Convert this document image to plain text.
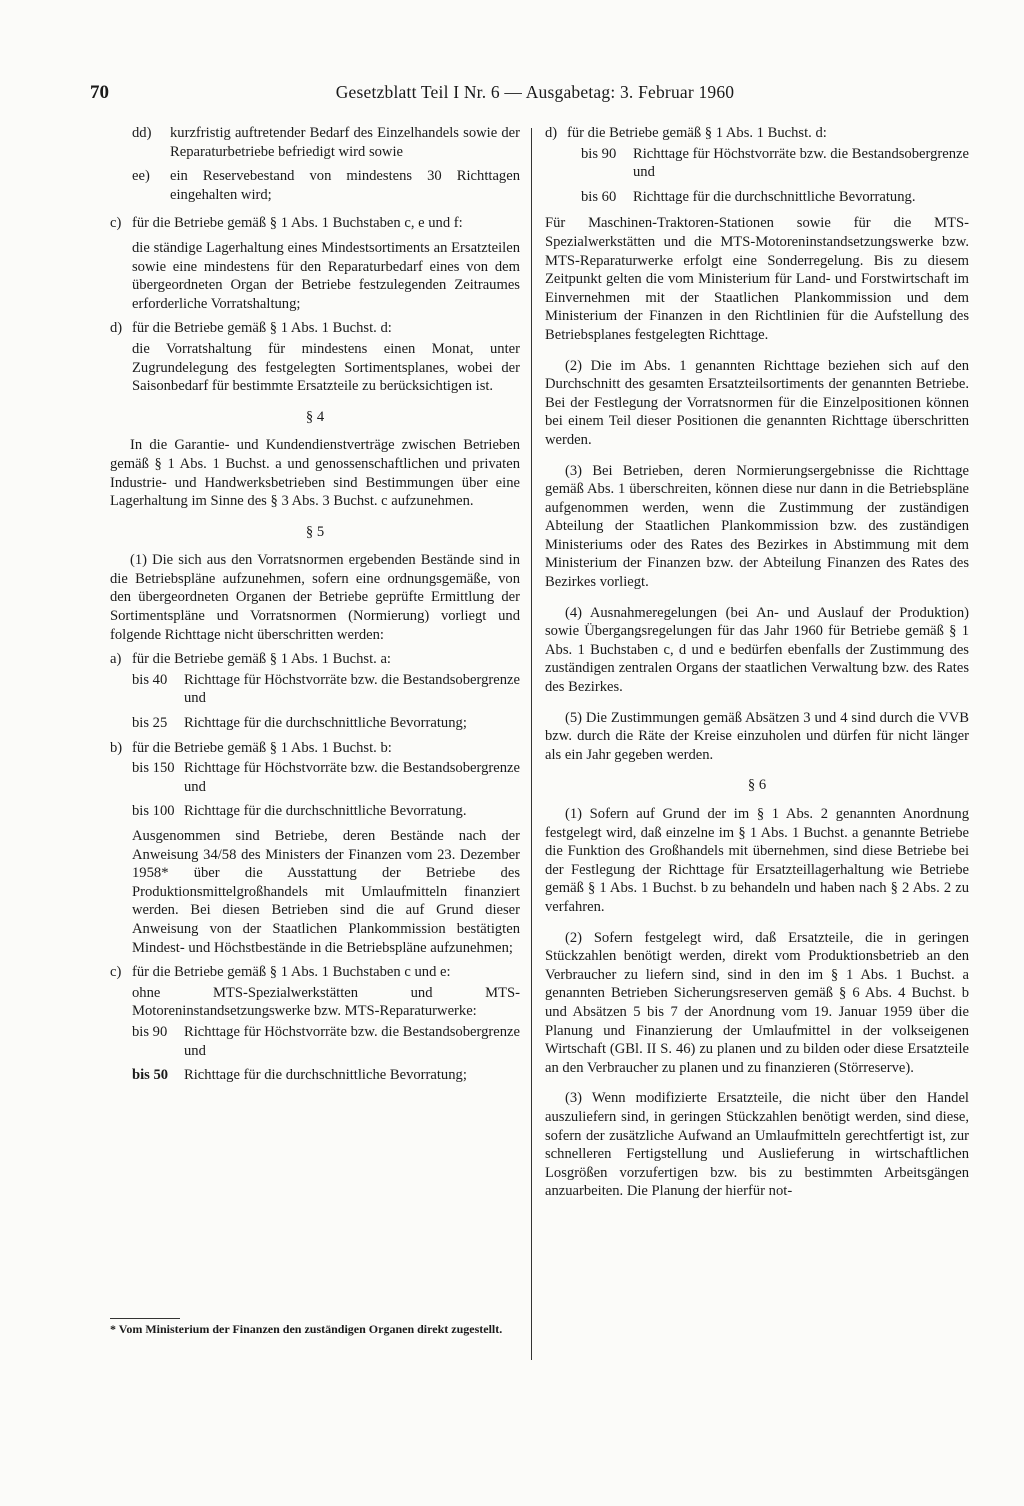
70	Gesetzblatt Teil I Nr. 6 — Ausgabetag: 3. Februar 1960
dd) kurzfristig auftretender Bedarf des Einzelhandels sowie der Reparaturbetriebe befriedigt wird sowie

ee) ein Reservebestand von mindestens 30 Richttagen eingehalten wird;

c) für die Betriebe gemäß § 1 Abs. 1 Buchstaben c, e und f:

die ständige Lagerhaltung eines Mindestsortiments an Ersatzteilen sowie eine mindestens für den Reparaturbedarf eines von dem übergeordneten Organ der Betriebe festzulegenden Zeitraumes erforderliche Vorratshaltung;

d) für die Betriebe gemäß § 1 Abs. 1 Buchst. d:

die Vorratshaltung für mindestens einen Monat, unter Zugrundelegung des festgelegten Sortimentsplanes, wobei der Saisonbedarf für bestimmte Ersatzteile zu berücksichtigen ist.

§ 4

In die Garantie- und Kundendienstverträge zwischen Betrieben gemäß § 1 Abs. 1 Buchst. a und genossenschaftlichen und privaten Industrie- und Handwerksbetrieben sind Bestimmungen über eine Lagerhaltung im Sinne des § 3 Abs. 3 Buchst. c aufzunehmen.

§ 5

(1) Die sich aus den Vorratsnormen ergebenden Bestände sind in die Betriebspläne aufzunehmen, sofern eine ordnungsgemäße, von den übergeordneten Organen der Betriebe geprüfte Ermittlung der Sortimentspläne und Vorratsnormen (Normierung) vorliegt und folgende Richttage nicht überschritten werden:

a) für die Betriebe gemäß § 1 Abs. 1 Buchst. a:

bis 40 Richttage für Höchstvorräte bzw. die Bestandsobergrenze und

bis 25 Richttage für die durchschnittliche Bevorratung;

b) für die Betriebe gemäß § 1 Abs. 1 Buchst. b:

bis 150 Richttage für Höchstvorräte bzw. die Bestandsobergrenze und

bis 100 Richttage für die durchschnittliche Bevorratung.

Ausgenommen sind Betriebe, deren Bestände nach der Anweisung 34/58 des Ministers der Finanzen vom 23. Dezember 1958* über die Ausstattung der Betriebe des Produktionsmittelgroßhandels mit Umlaufmitteln finanziert werden. Bei diesen Betrieben sind die auf Grund dieser Anweisung von der Staatlichen Plankommission bestätigten Mindest- und Höchstbestände in die Betriebspläne aufzunehmen;

c) für die Betriebe gemäß § 1 Abs. 1 Buchstaben c und e:

ohne MTS-Spezialwerkstätten und MTS-Motoreninstandsetzungswerke bzw. MTS-Reparaturwerke:

bis 90 Richttage für Höchstvorräte bzw. die Bestandsobergrenze und

bis 50 Richttage für die durchschnittliche Bevorratung;

* Vom Ministerium der Finanzen den zuständigen Organen direkt zugestellt.

d) für die Betriebe gemäß § 1 Abs. 1 Buchst. d:

bis 90 Richttage für Höchstvorräte bzw. die Bestandsobergrenze und

bis 60 Richttage für die durchschnittliche Bevorratung.

Für Maschinen-Traktoren-Stationen sowie für die MTS-Spezialwerkstätten und die MTS-Motoreninstandsetzungswerke bzw. MTS-Reparaturwerke erfolgt eine Sonderregelung. Bis zu diesem Zeitpunkt gelten die vom Ministerium für Land- und Forstwirtschaft im Einvernehmen mit der Staatlichen Plankommission und dem Ministerium der Finanzen in den Richtlinien für die Aufstellung des Betriebsplanes festgelegten Richttage.

(2) Die im Abs. 1 genannten Richttage beziehen sich auf den Durchschnitt des gesamten Ersatzteilsortiments der genannten Betriebe. Bei der Festlegung der Vorratsnormen für die Einzelpositionen können bei einem Teil dieser Positionen die genannten Richttage überschritten werden.

(3) Bei Betrieben, deren Normierungsergebnisse die Richttage gemäß Abs. 1 überschreiten, können diese nur dann in die Betriebspläne aufgenommen werden, wenn die Zustimmung der zuständigen Abteilung der Staatlichen Plankommission bzw. des zuständigen Ministeriums oder des Rates des Bezirkes in Abstimmung mit dem Ministerium der Finanzen bzw. der Abteilung Finanzen des Rates des Bezirkes vorliegt.

(4) Ausnahmeregelungen (bei An- und Auslauf der Produktion) sowie Übergangsregelungen für das Jahr 1960 für Betriebe gemäß § 1 Abs. 1 Buchstaben c, d und e bedürfen ebenfalls der Zustimmung des zuständigen zentralen Organs der staatlichen Verwaltung bzw. des Rates des Bezirkes.

(5) Die Zustimmungen gemäß Absätzen 3 und 4 sind durch die VVB bzw. durch die Räte der Kreise einzuholen und dürfen für nicht länger als ein Jahr gegeben werden.

§ 6

(1) Sofern auf Grund der im § 1 Abs. 2 genannten Anordnung festgelegt wird, daß einzelne im § 1 Abs. 1 Buchst. a genannte Betriebe die Funktion des Großhandels mit übernehmen, sind diese Betriebe bei der Festlegung der Richttage für Ersatzteillagerhaltung wie Betriebe gemäß § 1 Abs. 1 Buchst. b zu behandeln und haben nach § 2 Abs. 2 zu verfahren.

(2) Sofern festgelegt wird, daß Ersatzteile, die in geringen Stückzahlen benötigt werden, direkt vom Produktionsbetrieb an den Verbraucher zu liefern sind, sind in den im § 1 Abs. 1 Buchst. a genannten Betrieben Sicherungsreserven gemäß § 6 Abs. 4 Buchst. b und Absätzen 5 bis 7 der Anordnung vom 19. Januar 1959 über die Planung und Finanzierung der Umlaufmittel in der volkseigenen Wirtschaft (GBl. II S. 46) zu planen und zu bilden oder diese Ersatzteile an den Verbraucher zu planen und zu finanzieren (Störreserve).

(3) Wenn modifizierte Ersatzteile, die nicht über den Handel auszuliefern sind, in geringen Stückzahlen benötigt werden, sind diese, sofern der zusätzliche Aufwand an Umlaufmitteln gerechtfertigt ist, zur schnelleren Fertigstellung und Auslieferung in wirtschaftlichen Losgrößen vorzufertigen bzw. bis zu bestimmten Arbeitsgängen anzuarbeiten. Die Planung der hierfür not-
